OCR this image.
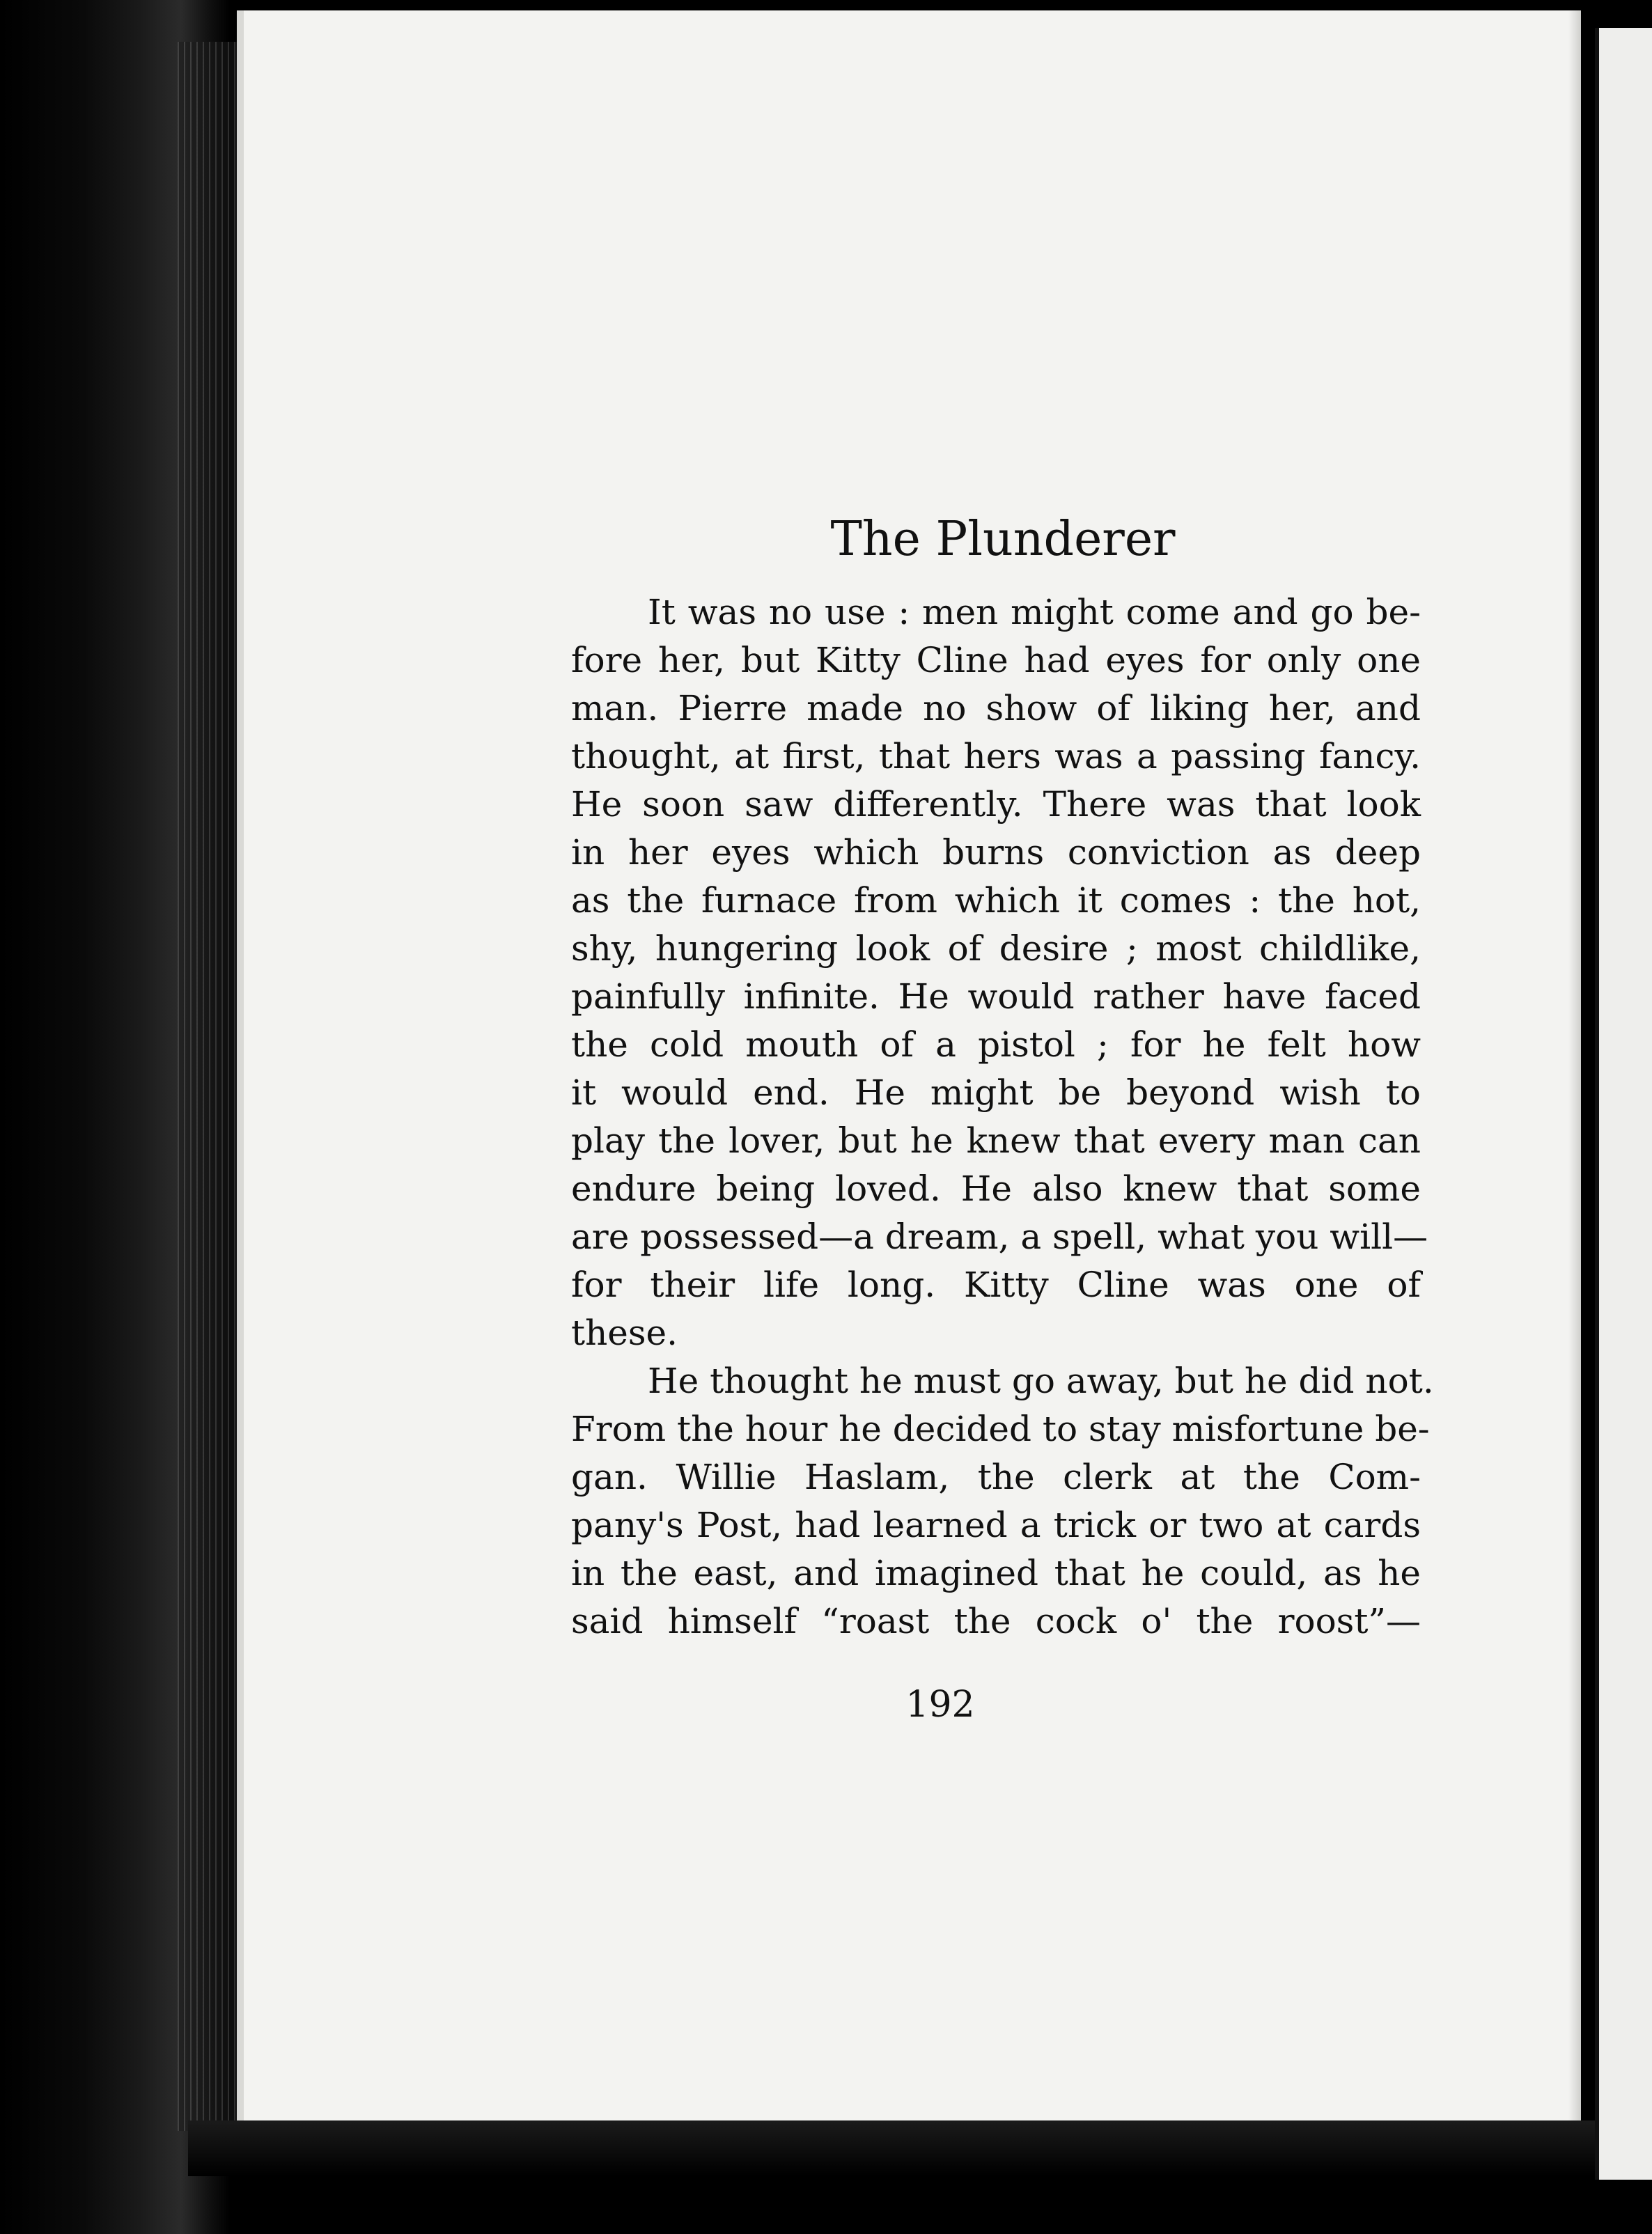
The Plunderer
It was no use : men might come and go be-
fore her, but Kitty Cline had eyes for only one
man. Pierre made no show of liking her, and
thought, at first, that hers was a passing fancy.
He soon saw differently. There was that look
in her eyes which burns conviction as deep
as the furnace from which it comes : the hot,
shy, hungering look of desire ; most childlike,
painfully infinite. He would rather have faced
the cold mouth of a pistol ; for he felt how
it would end. He might be beyond wish to
play the lover, but he knew that every man can
endure being loved. He also knew that some
are possessed—a dream, a spell, what you will—
for their life long. Kitty Cline was one of
these.
He thought he must go away, but he did not.
From the hour he decided to stay misfortune be-
gan. Willie Haslam, the clerk at the Com-
pany's Post, had learned a trick or two at cards
in the east, and imagined that he could, as he
said himself “roast the cock o' the roost”—
192
